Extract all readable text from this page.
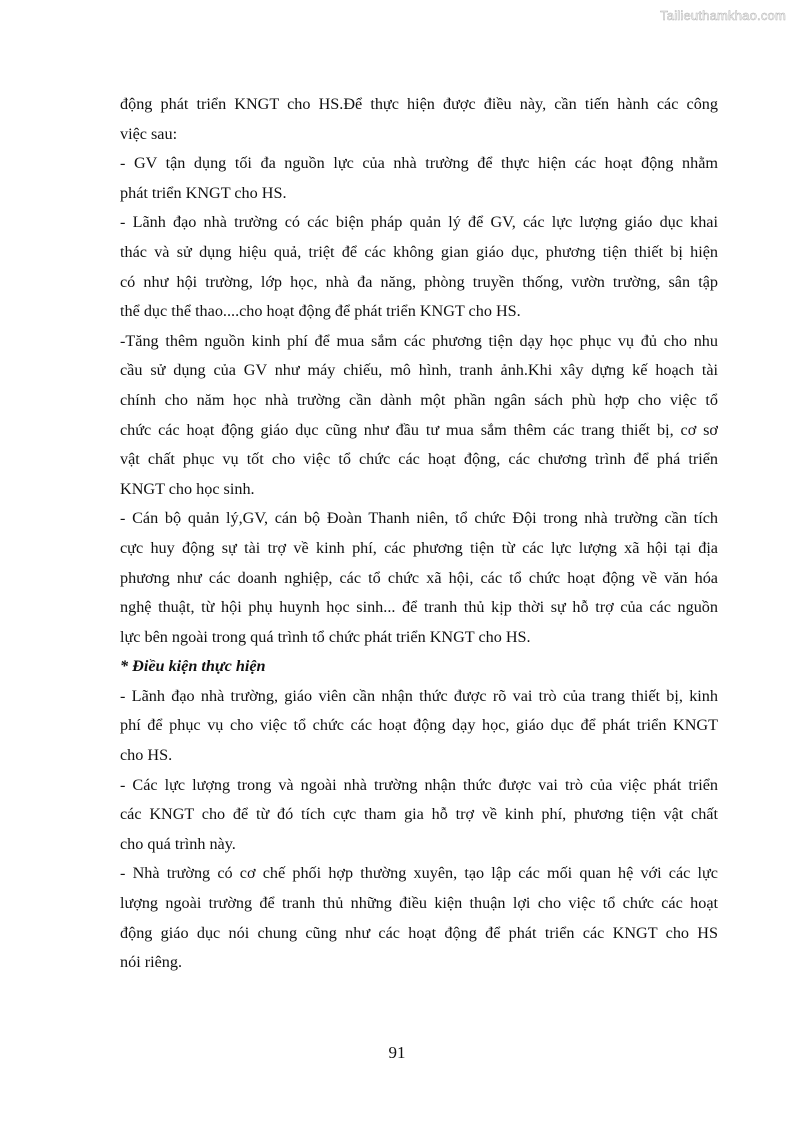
Tailieuthamkhao.com
động phát triển KNGT cho HS.Để thực hiện được điều này, cần tiến hành các công
việc sau:
- GV tận dụng tối đa nguồn lực của nhà trường để thực hiện các hoạt động nhằm
phát triển KNGT cho HS.
- Lãnh đạo nhà trường có các biện pháp quản lý để GV, các lực lượng giáo dục khai
thác và sử dụng hiệu quả, triệt để các không gian giáo dục, phương tiện thiết bị hiện
có như hội trường, lớp học, nhà đa năng, phòng truyền thống, vườn trường, sân tập
thể dục thể thao....cho hoạt động để phát triển KNGT cho HS.
-Tăng thêm nguồn kinh phí để mua sắm các phương tiện dạy học phục vụ đủ cho nhu
cầu sử dụng của GV như máy chiếu, mô hình, tranh ảnh.Khi xây dựng kế hoạch tài
chính cho năm học nhà trường cần dành một phần ngân sách phù hợp cho việc tổ
chức các hoạt động giáo dục cũng như đầu tư mua sắm thêm các trang thiết bị, cơ sơ
vật chất phục vụ tốt cho việc tổ chức các hoạt động, các chương trình để phá triển
KNGT cho học sinh.
- Cán bộ quản lý,GV, cán bộ Đoàn Thanh niên, tổ chức Đội trong nhà trường cần tích
cực huy động sự tài trợ về kinh phí, các phương tiện từ các lực lượng xã hội tại địa
phương như các doanh nghiệp, các tổ chức xã hội, các tổ chức hoạt động về văn hóa
nghệ thuật, từ hội phụ huynh học sinh... để tranh thủ kịp thời sự hỗ trợ của các nguồn
lực bên ngoài trong quá trình tổ chức phát triển KNGT cho HS.
* Điều kiện thực hiện
- Lãnh đạo nhà trường, giáo viên cần nhận thức được rõ vai trò của trang thiết bị, kinh
phí để phục vụ cho việc tổ chức các hoạt động dạy học, giáo dục để phát triển KNGT
cho HS.
- Các lực lượng trong và ngoài nhà trường nhận thức được vai trò của việc phát triển
các KNGT cho để từ đó tích cực tham gia hỗ trợ về kinh phí, phương tiện vật chất
cho quá trình này.
- Nhà trường có cơ chế phối hợp thường xuyên, tạo lập các mối quan hệ với các lực
lượng ngoài trường để tranh thủ những điều kiện thuận lợi cho việc tổ chức các hoạt
động giáo dục nói chung cũng như các hoạt động để phát triển các KNGT cho HS
nói riêng.
91
